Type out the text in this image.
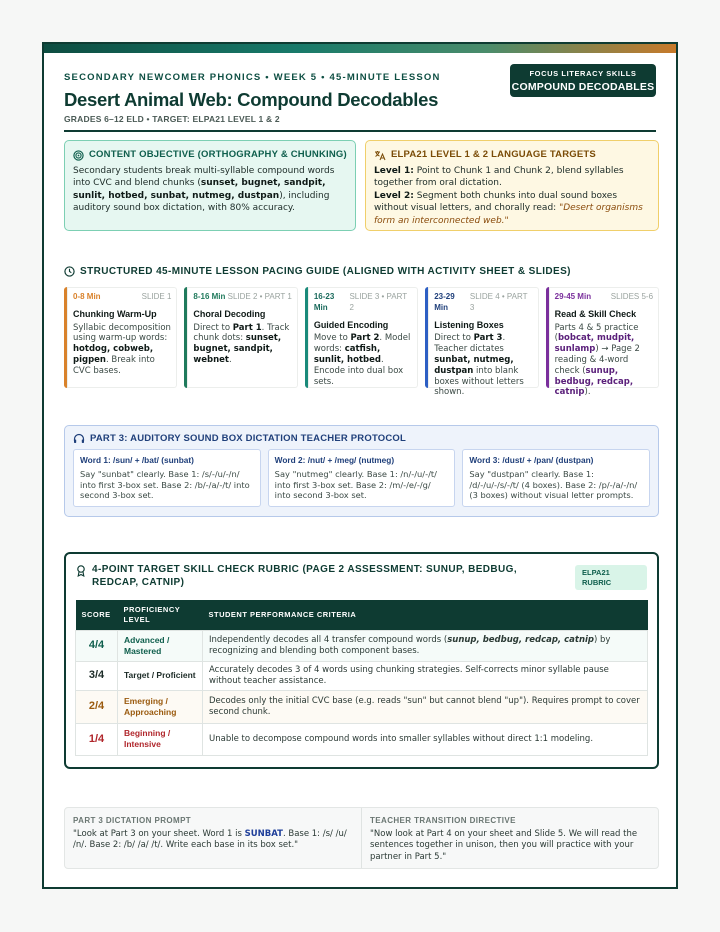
SECONDARY NEWCOMER PHONICS • WEEK 5 • 45-MINUTE LESSON
Desert Animal Web: Compound Decodables
GRADES 6–12 ELD • TARGET: ELPA21 LEVEL 1 & 2
FOCUS LITERACY SKILLS
COMPOUND DECODABLES
CONTENT OBJECTIVE (ORTHOGRAPHY & CHUNKING)
Secondary students break multi-syllable compound words into CVC and blend chunks (sunset, bugnet, sandpit, sunlit, hotbed, sunbat, nutmeg, dustpan), including auditory sound box dictation, with 80% accuracy.
ELPA21 LEVEL 1 & 2 LANGUAGE TARGETS
Level 1: Point to Chunk 1 and Chunk 2, blend syllables together from oral dictation.
Level 2: Segment both chunks into dual sound boxes without visual letters, and chorally read: "Desert organisms form an interconnected web."
STRUCTURED 45-MINUTE LESSON PACING GUIDE (ALIGNED WITH ACTIVITY SHEET & SLIDES)
0-8 Min	SLIDE 1
Chunking Warm-Up
Syllabic decomposition using warm-up words: hotdog, cobweb, pigpen. Break into CVC bases.
8-16 Min SLIDE 2 • PART 1
Choral Decoding
Direct to Part 1. Track chunk dots: sunset, bugnet, sandpit, webnet.
16-23 Min
SLIDE 3 • PART 2
Guided Encoding
Move to Part 2. Model words: catfish, sunlit, hotbed. Encode into dual box sets.
23-29 Min
SLIDE 4 • PART 3
Listening Boxes
Direct to Part 3. Teacher dictates sunbat, nutmeg, dustpan into blank boxes without letters shown.
29-45 Min SLIDES 5-6
Read & Skill Check
Parts 4 & 5 practice (bobcat, mudpit, sunlamp) → Page 2 reading & 4-word check (sunup, bedbug, redcap, catnip).
PART 3: AUDITORY SOUND BOX DICTATION TEACHER PROTOCOL
Word 1: /sun/ + /bat/ (sunbat)
Say "sunbat" clearly. Base 1: /s/-/u/-/n/ into first 3-box set. Base 2: /b/-/a/-/t/ into second 3-box set.
Word 2: /nut/ + /meg/ (nutmeg)
Say "nutmeg" clearly. Base 1: /n/-/u/-/t/ into first 3-box set. Base 2: /m/-/e/-/g/ into second 3-box set.
Word 3: /dust/ + /pan/ (dustpan)
Say "dustpan" clearly. Base 1: /d/-/u/-/s/-/t/ (4 boxes). Base 2: /p/-/a/-/n/ (3 boxes) without visual letter prompts.
4-POINT TARGET SKILL CHECK RUBRIC (PAGE 2 ASSESSMENT: SUNUP, BEDBUG, REDCAP, CATNIP)
ELPA21
RUBRIC
SCORE	PROFICIENCY LEVEL	STUDENT PERFORMANCE CRITERIA
4/4	Advanced / Mastered	Independently decodes all 4 transfer compound words (sunup, bedbug, redcap, catnip) by recognizing and blending both component bases.
3/4	Target / Proficient	Accurately decodes 3 of 4 words using chunking strategies. Self-corrects minor syllable pause without teacher assistance.
2/4	Emerging / Approaching	Decodes only the initial CVC base (e.g. reads "sun" but cannot blend "up"). Requires prompt to cover second chunk.
1/4	Beginning / Intensive	Unable to decompose compound words into smaller syllables without direct 1:1 modeling.
PART 3 DICTATION PROMPT
"Look at Part 3 on your sheet. Word 1 is SUNBAT. Base 1: /s/ /u/ /n/. Base 2: /b/ /a/ /t/. Write each base in its box set."
TEACHER TRANSITION DIRECTIVE
"Now look at Part 4 on your sheet and Slide 5. We will read the sentences together in unison, then you will practice with your partner in Part 5."
